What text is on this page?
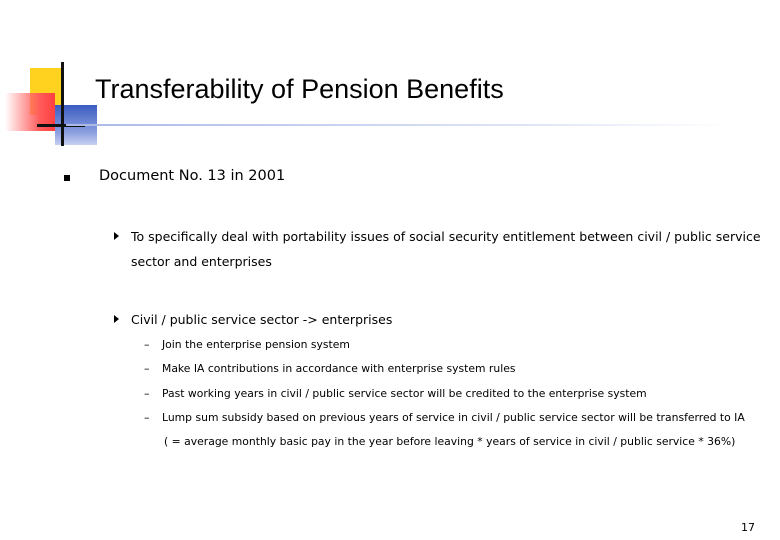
Transferability of Pension Benefits
Document No. 13 in 2001
To specifically deal with portability issues of social security entitlement between civil / public service sector and enterprises
Civil / public service sector -> enterprises
– Join the enterprise pension system
– Make IA contributions in accordance with enterprise system rules
– Past working years in civil / public service sector will be credited to the enterprise system
– Lump sum subsidy based on previous years of service in civil / public service sector will be transferred to IA
( = average monthly basic pay in the year before leaving * years of service in civil / public service * 36%)
17
